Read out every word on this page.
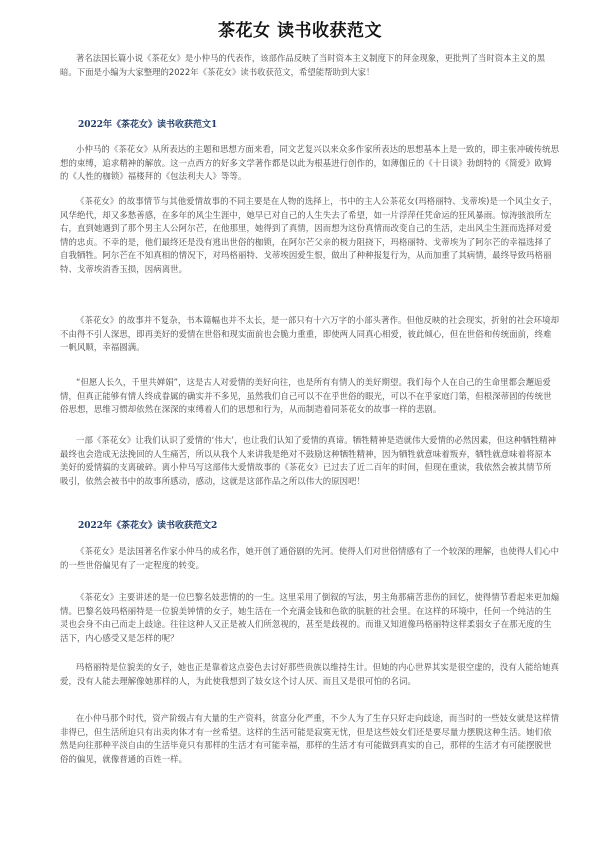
茶花女 读书收获范文

著名法国长篇小说《茶花女》是小仲马的代表作，该部作品反映了当时资本主义制度下的拜金现象，更批判了当时资本主义的黑暗。下面是小编为大家整理的2022年《茶花女》读书收获范文，希望能帮助到大家！

2022年《茶花女》读书收获范文1

小仲马的《茶花女》从所表达的主题和思想方面来看，同文艺复兴以来众多作家所表达的思想基本上是一致的，即主张冲破传统思想的束缚，追求精神的解放。这一点西方的好多文学著作都是以此为根基进行创作的，如薄伽丘的《十日谈》勃朗特的《简爱》欧姆的《人性的枷锁》福楼拜的《包法利夫人》等等。

《茶花女》的故事情节与其他爱情故事的不同主要是在人物的选择上，书中的主人公茶花女(玛格丽特、戈蒂埃)是一个风尘女子，风华绝代，却又多愁善感，在多年的风尘生涯中，她早已对自己的人生失去了希望，如一片浮萍任凭命运的狂风暴雨。惊涛骇浪所左右，直到她遇到了那个男主人公阿尔芒，在他那里，她得到了真情，因而想为这份真情而改变自己的生活，走出风尘生涯而选择对爱情的忠贞。不幸的是，他们最终还是没有逃出世俗的枷锁，在阿尔芒父亲的极力阻挠下，玛格丽特、戈蒂埃为了阿尔芒的幸福选择了自我牺牲。阿尔芒在不知真相的情况下，对玛格丽特、戈蒂埃因爱生恨，做出了种种报复行为，从而加重了其病情，最终导致玛格丽特、戈蒂埃消香玉损，因病离世。

《茶花女》的故事并不复杂，书本篇幅也并不太长，是一部只有十六万字的小部头著作。但他反映的社会现实，折射的社会环境却不由得不引人深思，即再美好的爱情在世俗和现实面前也会脆力重重，即使两人同真心相爱，彼此倾心，但在世俗和传统面前，终难一帆风顺，幸福圆满。

“但愿人长久，千里共婵娟”，这是古人对爱情的美好向往，也是所有有情人的美好期望。我们每个人在自己的生命里都会邂逅爱情，但真正能够有情人终成眷属的确实并不多见，虽然我们自己可以不在乎世俗的眼光，可以不在乎家庭门第，但根深蒂固的传统世俗思想，思维习惯却依然在深深的束缚着人们的思想和行为，从而制造着同茶花女的故事一样的悲剧。

一部《茶花女》让我们认识了爱情的‘伟大’，也让我们认知了爱情的真谛。牺牲精神是造就伟大爱情的必然因素，但这种牺牲精神最终也会造成无法挽回的人生痛苦，所以从我个人来讲我是绝对不鼓励这种牺牲精神，因为牺牲就意味着叛弃，牺牲就意味着将原本美好的爱情搞的支离破碎。离小仲马写这部伟大爱情故事的《茶花女》已过去了近二百年的时间，但现在重读，我依然会被其情节所吸引，依然会被书中的故事所感动，感动，这就是这部作品之所以伟大的原因吧！

2022年《茶花女》读书收获范文2

《茶花女》是法国著名作家小仲马的成名作，她开创了通俗剧的先河。使得人们对世俗情感有了一个较深的理解，也使得人们心中的一些世俗偏见有了一定程度的转变。

《茶花女》主要讲述的是一位巴黎名妓悲情的的一生。这里采用了倒叙的写法，男主角那痛苦悲伤的回忆，使得情节看起来更加煽情。巴黎名妓玛格丽特是一位貌美钟情的女子，她生活在一个充满金钱和色欲的肮脏的社会里。在这样的环境中，任何一个纯洁的生灵也会身不由己而走上歧途。往往这种人又正是被人们所忽视的，甚至是歧视的。而谁又知道像玛格丽特这样柔弱女子在那无度的生活下，内心感受又是怎样的呢？

玛格丽特是位貌美的女子，她也正是靠着这点姿色去讨好那些贵族以维持生计。但她的内心世界其实是很空虚的，没有人能给她真爱，没有人能去理解像她那样的人，为此使我想到了妓女这个讨人厌、而且又是很可怕的名词。

在小仲马那个时代，资产阶级占有大量的生产资料，贫富分化严重，不少人为了生存只好走向歧途，而当时的一些妓女就是这样情非得已，但生活所迫只有出卖肉体才有一丝希望。这样的生活可能是寂寞无忧，但是这些妓女们还是要尽量力摆脱这种生活。她们依然是向往那种平淡自由的生活毕竟只有那样的生活才有可能幸福，那样的生活才有可能做到真实的自己，那样的生活才有可能摆脱世俗的偏见，就像普通的百姓一样。
